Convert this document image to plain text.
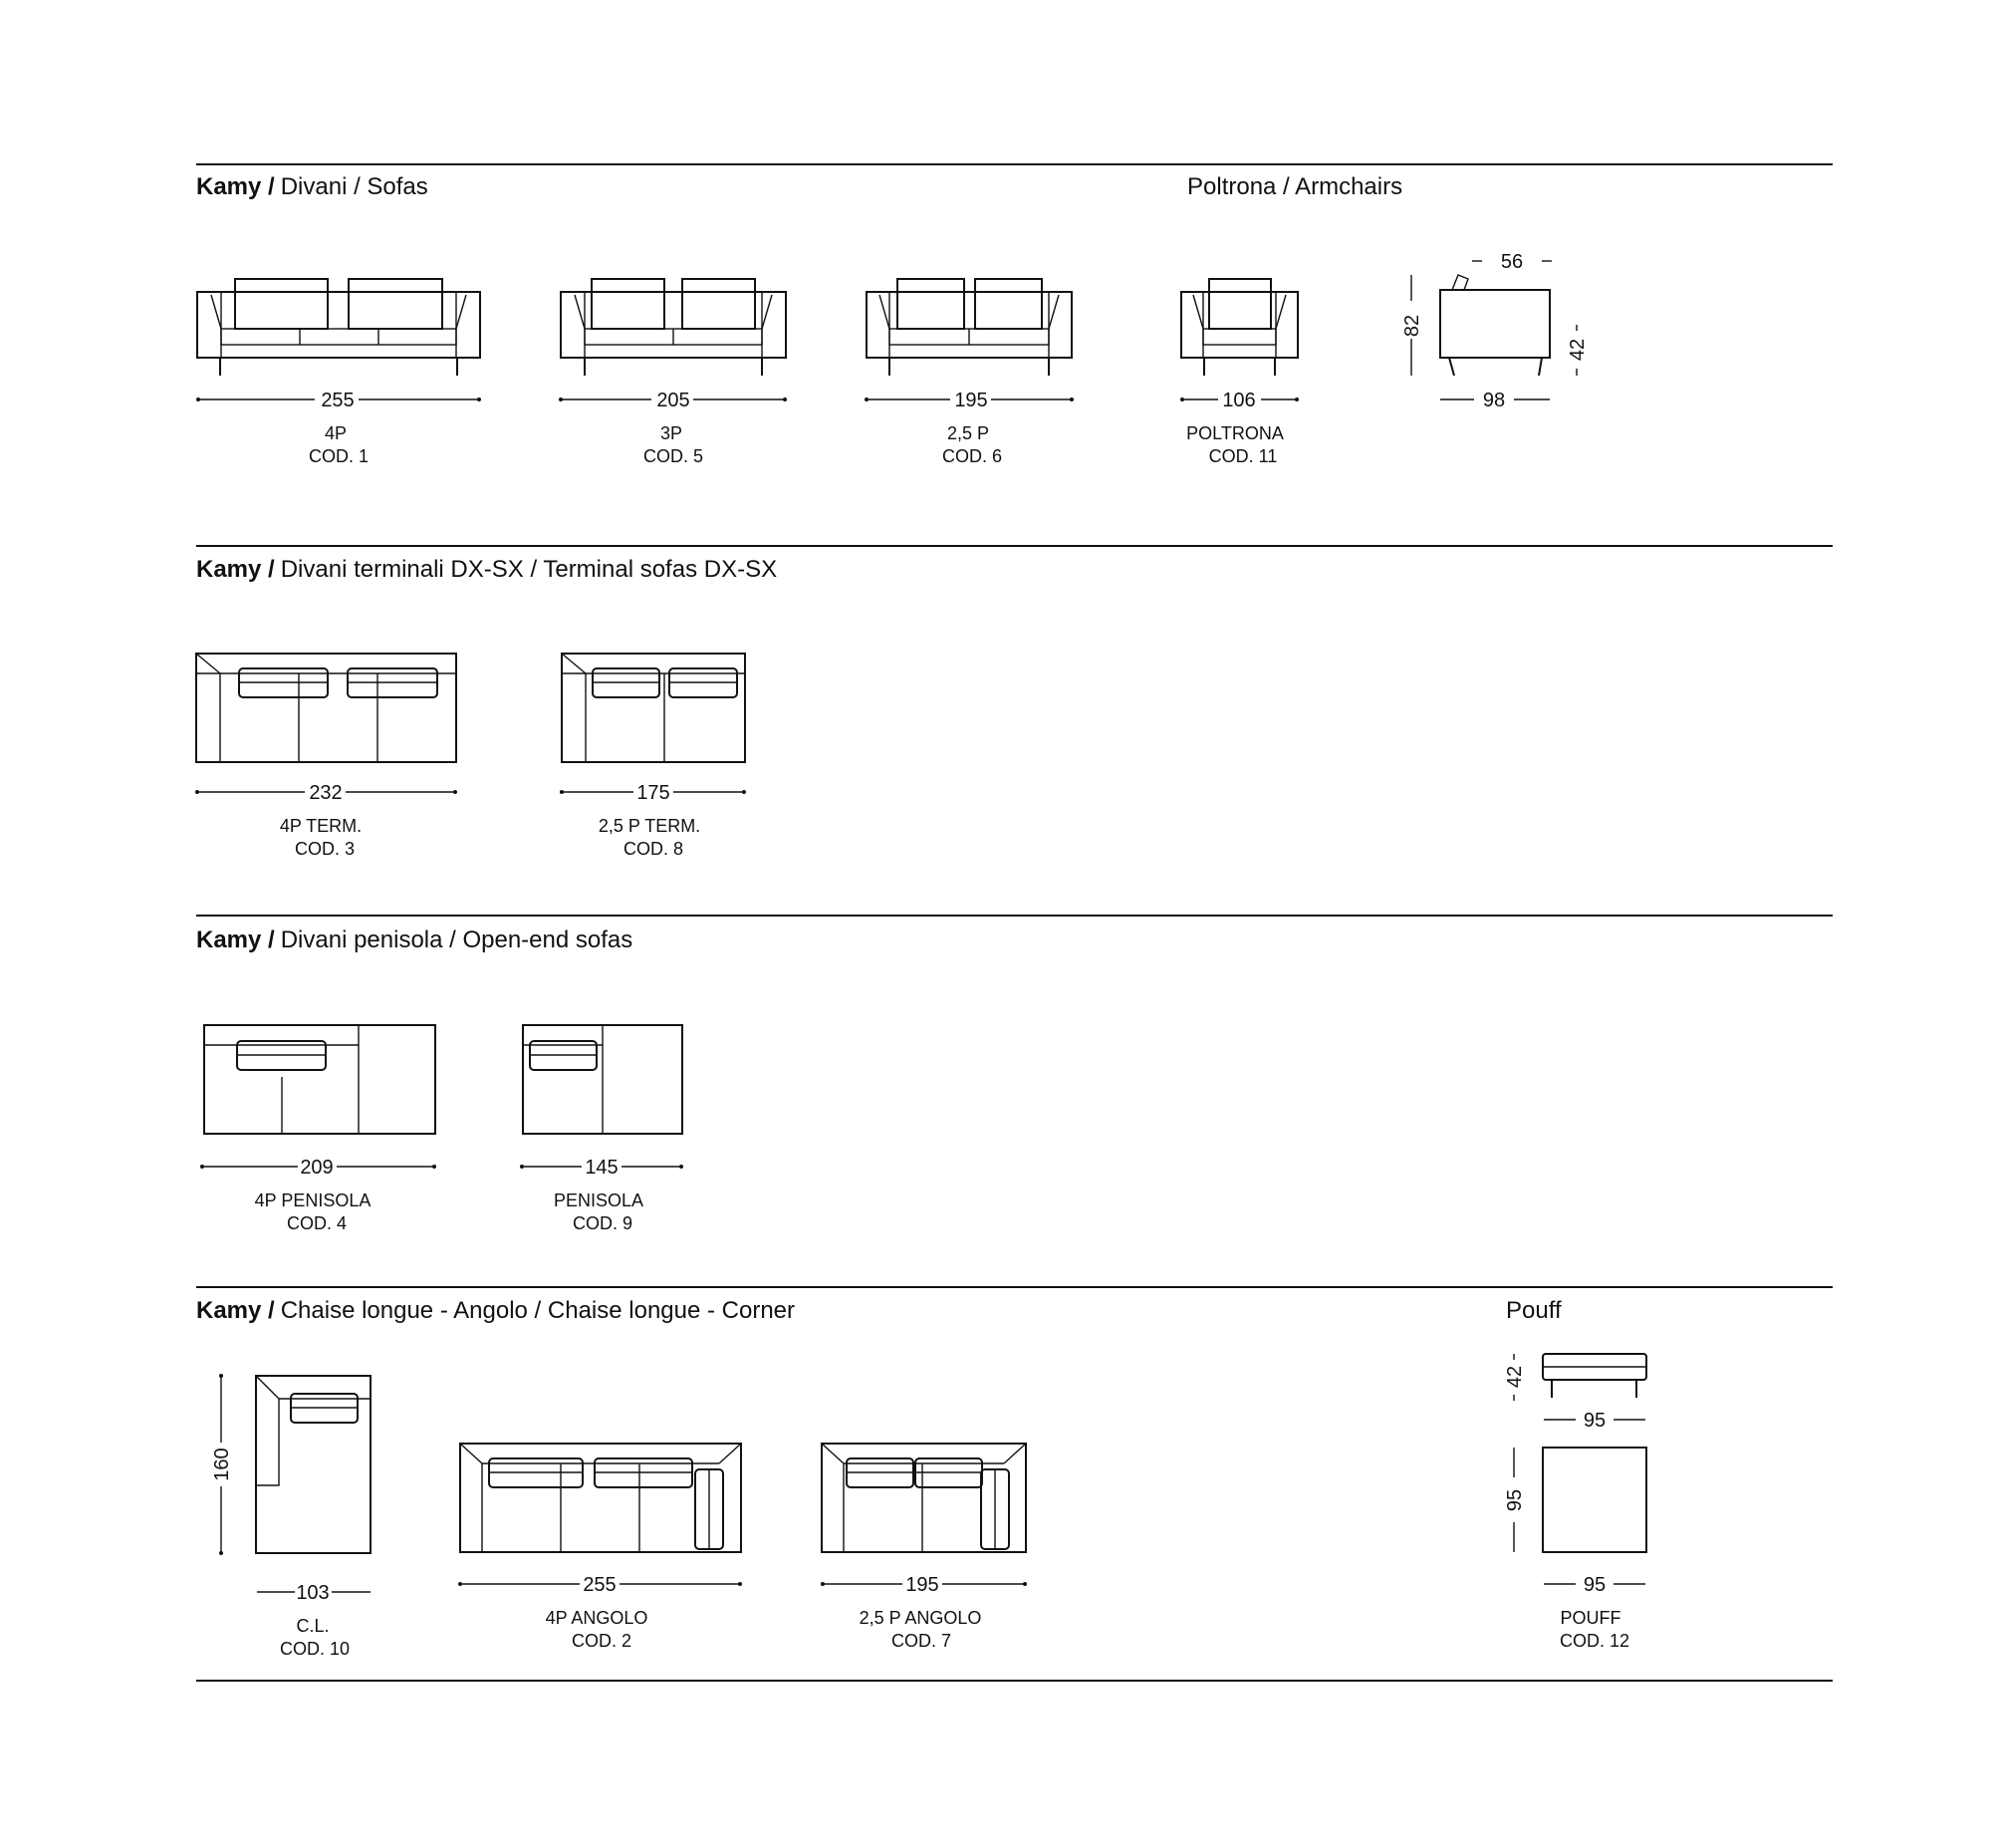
Kamy / Divani / Sofas	Poltrona / Armchairs
Kamy / Divani terminali DX-SX / Terminal sofas DX-SX
Kamy / Divani penisola / Open-end sofas
Kamy / Chaise longue - Angolo / Chaise longue - Corner	Pouff
255
4P
COD. 1
205
3P
COD. 5
195
2,5 P
COD. 6
106
POLTRONA
COD. 11
56
98
82
42
232
4P TERM.
COD. 3
175
2,5 P TERM.
COD. 8
209
4P PENISOLA
COD. 4
145
PENISOLA
COD. 9
160
103
C.L.
COD. 10
255
4P ANGOLO
COD. 2
195
2,5 P ANGOLO
COD. 7
42
95
95
95
POUFF
COD. 12
